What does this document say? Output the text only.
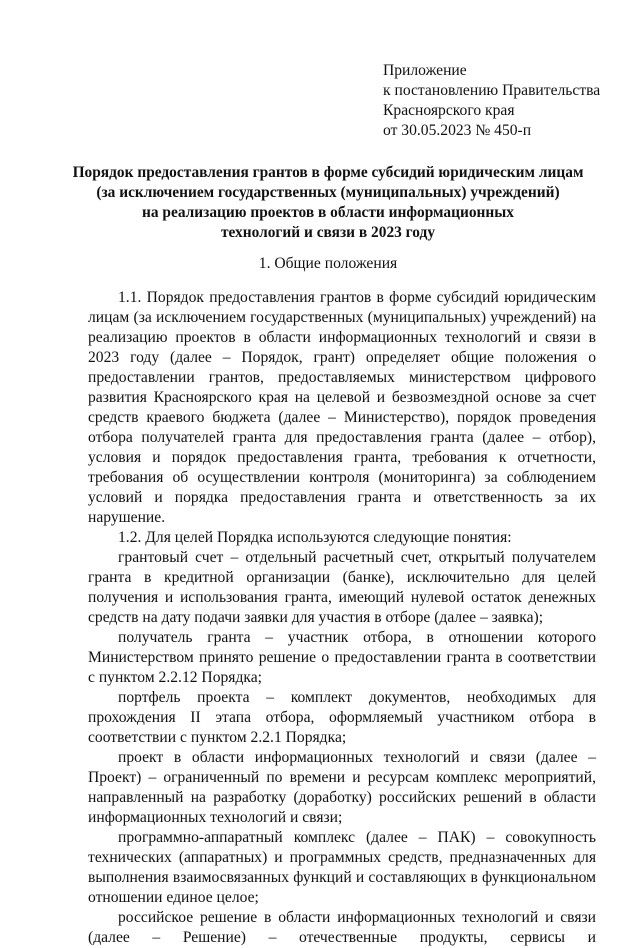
Приложение
к постановлению Правительства
Красноярского края
от 30.05.2023 № 450-п
Порядок предоставления грантов в форме субсидий юридическим лицам
(за исключением государственных (муниципальных) учреждений)
на реализацию проектов в области информационных
технологий и связи в 2023 году
1. Общие положения

1.1. Порядок предоставления грантов в форме субсидий юридическим лицам (за исключением государственных (муниципальных) учреждений) на реализацию проектов в области информационных технологий и связи в 2023 году (далее – Порядок, грант) определяет общие положения о предоставлении грантов, предоставляемых министерством цифрового развития Красноярского края на целевой и безвозмездной основе за счет средств краевого бюджета (далее – Министерство), порядок проведения отбора получателей гранта для предоставления гранта (далее – отбор), условия и порядок предоставления гранта, требования к отчетности, требования об осуществлении контроля (мониторинга) за соблюдением условий и порядка предоставления гранта и ответственность за их нарушение.

1.2. Для целей Порядка используются следующие понятия:

грантовый счет – отдельный расчетный счет, открытый получателем гранта в кредитной организации (банке), исключительно для целей получения и использования гранта, имеющий нулевой остаток денежных средств на дату подачи заявки для участия в отборе (далее – заявка);

получатель гранта – участник отбора, в отношении которого Министерством принято решение о предоставлении гранта в соответствии с пунктом 2.2.12 Порядка;

портфель проекта – комплект документов, необходимых для прохождения II этапа отбора, оформляемый участником отбора в соответствии с пунктом 2.2.1 Порядка;

проект в области информационных технологий и связи (далее – Проект) – ограниченный по времени и ресурсам комплекс мероприятий, направленный на разработку (доработку) российских решений в области информационных технологий и связи;

программно-аппаратный комплекс (далее – ПАК) – совокупность технических (аппаратных) и программных средств, предназначенных для выполнения взаимосвязанных функций и составляющих в функциональном отношении единое целое;

российское решение в области информационных технологий и связи (далее – Решение) – отечественные продукты, сервисы и
